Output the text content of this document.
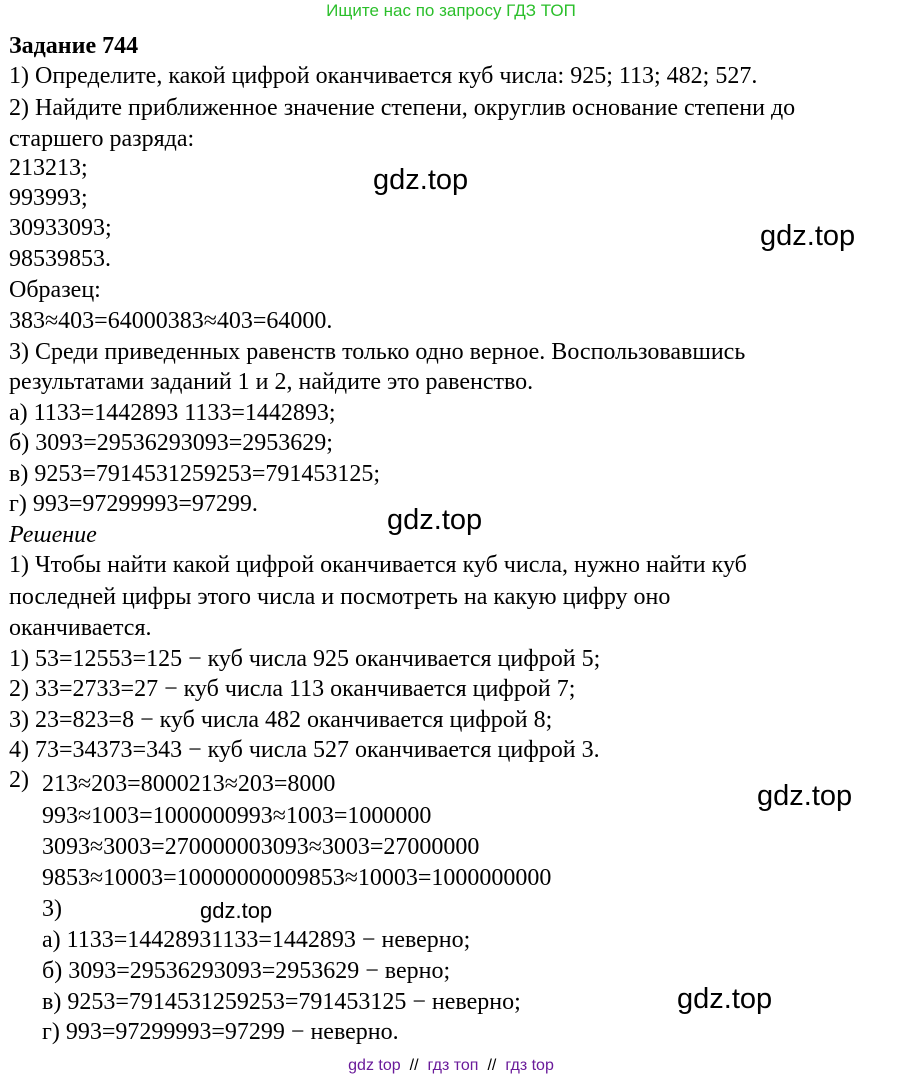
Ищите нас по запросу ГДЗ ТОП
Задание 744
1) Определите, какой цифрой оканчивается куб числа: 925; 113; 482; 527.
2) Найдите приближенное значение степени, округлив основание степени до
старшего разряда:
213213;
993993;
30933093;
98539853.
Образец:
383≈403=64000383≈403=64000.
3) Среди приведенных равенств только одно верное. Воспользовавшись
результатами заданий 1 и 2, найдите это равенство.
а) 1133=1442893 1133=1442893;
б) 3093=29536293093=2953629;
в) 9253=7914531259253=791453125;
г) 993=97299993=97299.
Решение
1) Чтобы найти какой цифрой оканчивается куб числа, нужно найти куб
последней цифры этого числа и посмотреть на какую цифру оно
оканчивается.
1) 53=12553=125 − куб числа 925 оканчивается цифрой 5;
2) 33=2733=27 − куб числа 113 оканчивается цифрой 7;
3) 23=823=8 − куб числа 482 оканчивается цифрой 8;
4) 73=34373=343 − куб числа 527 оканчивается цифрой 3.
2) 213≈203=8000213≈203=8000
993≈1003=1000000993≈1003=1000000
3093≈3003=270000003093≈3003=27000000
9853≈10003=10000000009853≈10003=1000000000
3)
а) 1133=14428931133=1442893 − неверно;
б) 3093=29536293093=2953629 − верно;
в) 9253=7914531259253=791453125 − неверно;
г) 993=97299993=97299 − неверно.
gdz.top
gdz.top
gdz.top
gdz.top
gdz.top
gdz.top
gdz top // гдз топ // гдз top
